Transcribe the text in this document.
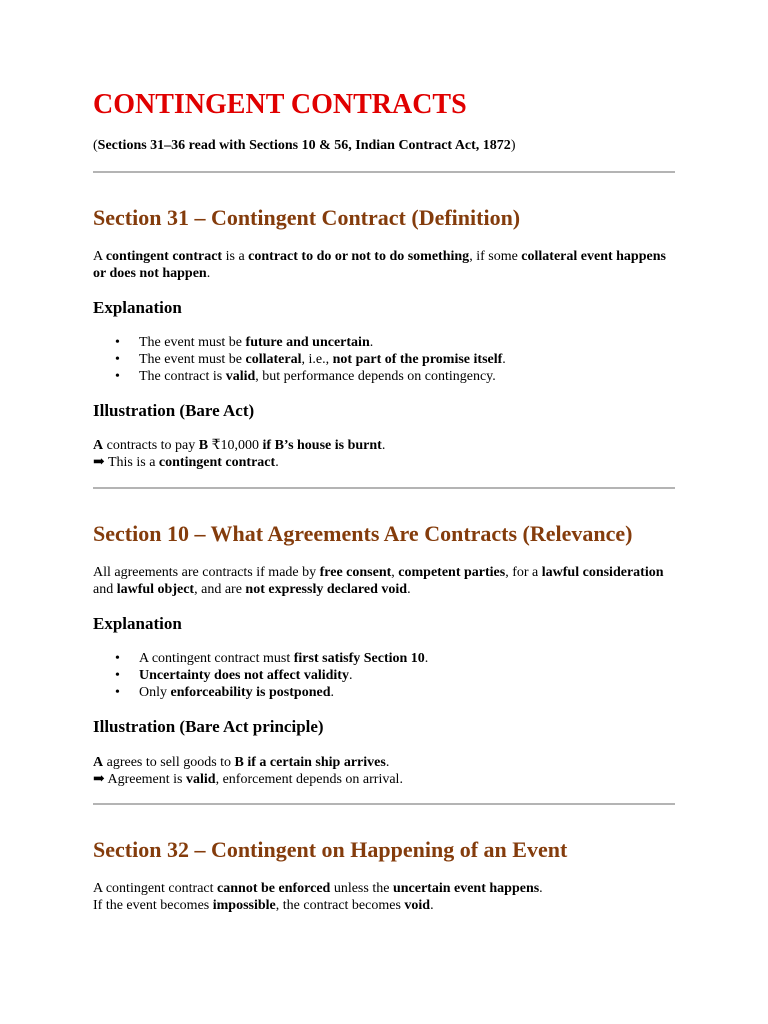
CONTINGENT CONTRACTS

(Sections 31–36 read with Sections 10 & 56, Indian Contract Act, 1872)

Section 31 – Contingent Contract (Definition)

A contingent contract is a contract to do or not to do something, if some collateral event happens or does not happen.

Explanation
• The event must be future and uncertain.
• The event must be collateral, i.e., not part of the promise itself.
• The contract is valid, but performance depends on contingency.
Illustration (Bare Act)

A contracts to pay B ₹10,000 if B’s house is burnt.

➡ This is a contingent contract.

Section 10 – What Agreements Are Contracts (Relevance)

All agreements are contracts if made by free consent, competent parties, for a lawful consideration and lawful object, and are not expressly declared void.

Explanation
• A contingent contract must first satisfy Section 10.
• Uncertainty does not affect validity.
• Only enforceability is postponed.
Illustration (Bare Act principle)

A agrees to sell goods to B if a certain ship arrives.

➡ Agreement is valid, enforcement depends on arrival.

Section 32 – Contingent on Happening of an Event

A contingent contract cannot be enforced unless the uncertain event happens.

If the event becomes impossible, the contract becomes void.
